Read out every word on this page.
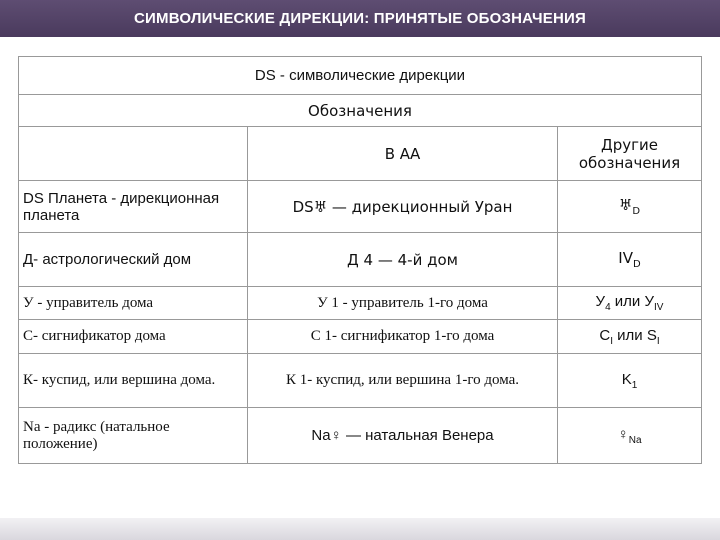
СИМВОЛИЧЕСКИЕ ДИРЕКЦИИ: ПРИНЯТЫЕ ОБОЗНАЧЕНИЯ
DS - символические дирекции		
Обозначения		
	В АА	Другие обозначения
DS Планета - дирекционная планета	DS♅ — дирекционный Уран	$♅_D$
Д- астрологический дом	Д 4 — 4-й дом	$IV_D$
У - управитель дома	У 1 - управитель 1-го дома	$У_4$ или $У_{IV}$
С- сигнификатор дома	С 1- сигнификатор 1-го дома	$C_I$ или $S_I$
К- куспид, или вершина дома.	К 1- куспид, или вершина 1-го дома.	$K_1$
Na - радикс (натальное положение)	Na♀ — натальная Венера	$♀_{Na}$
